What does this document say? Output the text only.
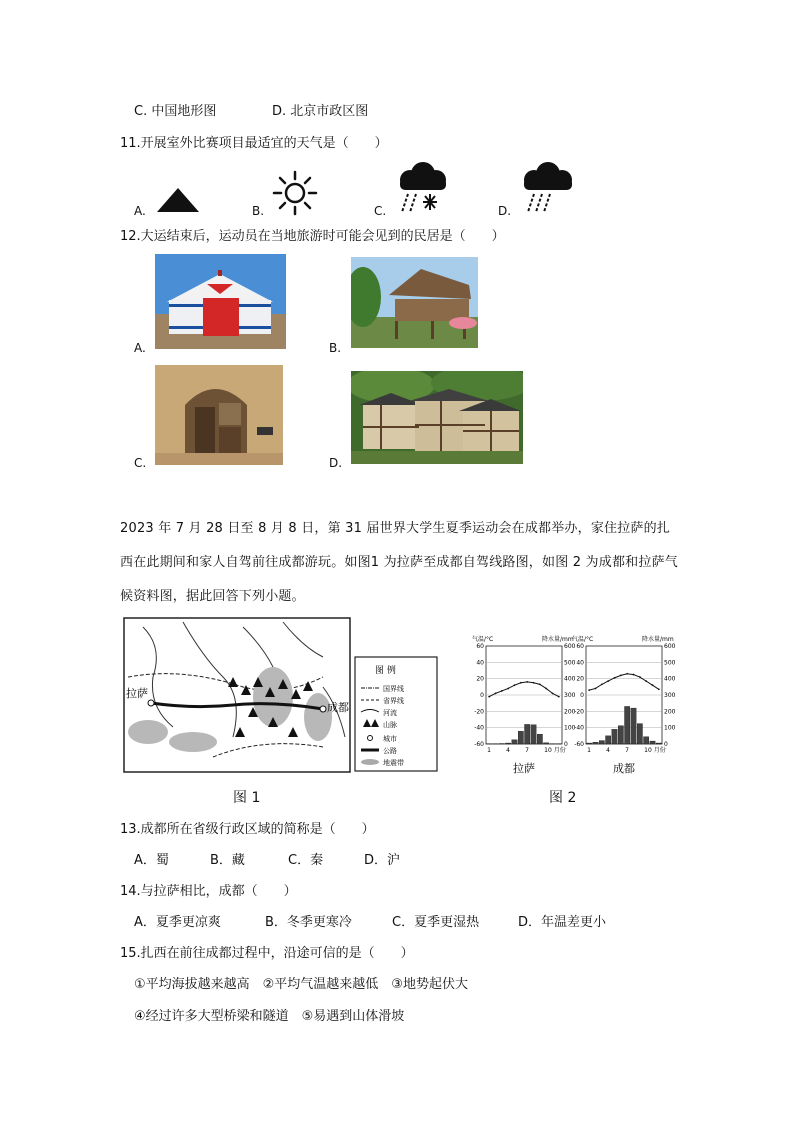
C. 中国地形图	D. 北京市政区图
11.开展室外比赛项目最适宜的天气是（　　）
A.	B.	C.	D.
12.大运结束后，运动员在当地旅游时可能会见到的民居是（　　）
A.	B.
C.	D.
2023 年 7 月 28 日至 8 月 8 日，第 31 届世界大学生夏季运动会在成都举办，家住拉萨的扎西在此期间和家人自驾前往成都游玩。如图1 为拉萨至成都自驾线路图，如图 2 为成都和拉萨气候资料图，据此回答下列小题。
拉萨
成都
图 例
国界线
省界线
河流
山脉
城市
公路
地震带
图 1
气温/°C	降水量/mm
60
40
20
0
-20
-40
-60
600
500
400
300
200
100
0
1	4	7	10 月份
拉萨
气温/°C	降水量/mm
60
40
20
0
-20
-40
-60
600
500
400
300
200
100
0
1	4	7	10 月份
成都
图 2
13.成都所在省级行政区域的简称是（　　）
A．蜀	B．藏	C．秦	D．沪
14.与拉萨相比，成都（　　）
A．夏季更凉爽	B．冬季更寒冷	C．夏季更湿热	D．年温差更小
15.扎西在前往成都过程中，沿途可信的是（　　）
①平均海拔越来越高　②平均气温越来越低　③地势起伏大
④经过许多大型桥梁和隧道　⑤易遇到山体滑坡
